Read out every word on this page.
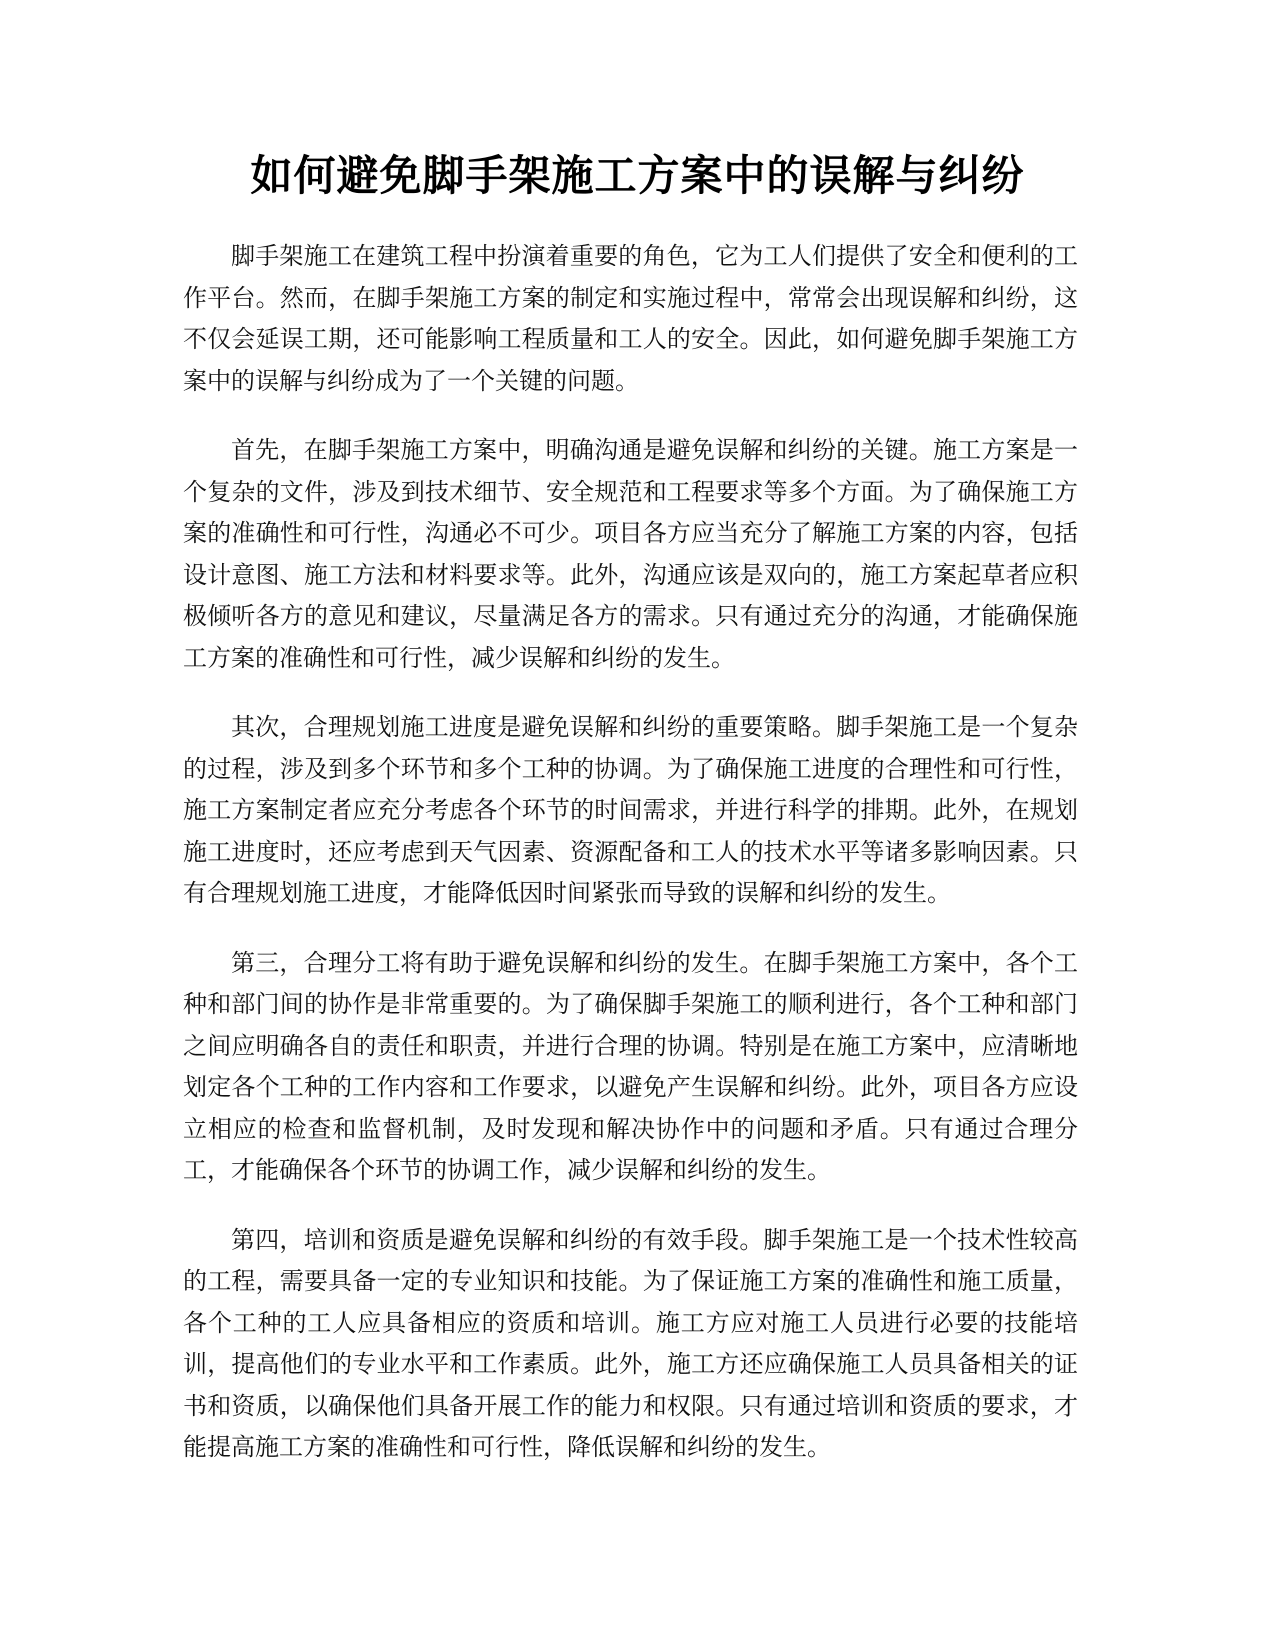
如何避免脚手架施工方案中的误解与纠纷

脚手架施工在建筑工程中扮演着重要的角色，它为工人们提供了安全和便利的工作平台。然而，在脚手架施工方案的制定和实施过程中，常常会出现误解和纠纷，这不仅会延误工期，还可能影响工程质量和工人的安全。因此，如何避免脚手架施工方案中的误解与纠纷成为了一个关键的问题。

首先，在脚手架施工方案中，明确沟通是避免误解和纠纷的关键。施工方案是一个复杂的文件，涉及到技术细节、安全规范和工程要求等多个方面。为了确保施工方案的准确性和可行性，沟通必不可少。项目各方应当充分了解施工方案的内容，包括设计意图、施工方法和材料要求等。此外，沟通应该是双向的，施工方案起草者应积极倾听各方的意见和建议，尽量满足各方的需求。只有通过充分的沟通，才能确保施工方案的准确性和可行性，减少误解和纠纷的发生。

其次，合理规划施工进度是避免误解和纠纷的重要策略。脚手架施工是一个复杂的过程，涉及到多个环节和多个工种的协调。为了确保施工进度的合理性和可行性，施工方案制定者应充分考虑各个环节的时间需求，并进行科学的排期。此外，在规划施工进度时，还应考虑到天气因素、资源配备和工人的技术水平等诸多影响因素。只有合理规划施工进度，才能降低因时间紧张而导致的误解和纠纷的发生。

第三，合理分工将有助于避免误解和纠纷的发生。在脚手架施工方案中，各个工种和部门间的协作是非常重要的。为了确保脚手架施工的顺利进行，各个工种和部门之间应明确各自的责任和职责，并进行合理的协调。特别是在施工方案中，应清晰地划定各个工种的工作内容和工作要求，以避免产生误解和纠纷。此外，项目各方应设立相应的检查和监督机制，及时发现和解决协作中的问题和矛盾。只有通过合理分工，才能确保各个环节的协调工作，减少误解和纠纷的发生。

第四，培训和资质是避免误解和纠纷的有效手段。脚手架施工是一个技术性较高的工程，需要具备一定的专业知识和技能。为了保证施工方案的准确性和施工质量，各个工种的工人应具备相应的资质和培训。施工方应对施工人员进行必要的技能培训，提高他们的专业水平和工作素质。此外，施工方还应确保施工人员具备相关的证书和资质，以确保他们具备开展工作的能力和权限。只有通过培训和资质的要求，才能提高施工方案的准确性和可行性，降低误解和纠纷的发生。
